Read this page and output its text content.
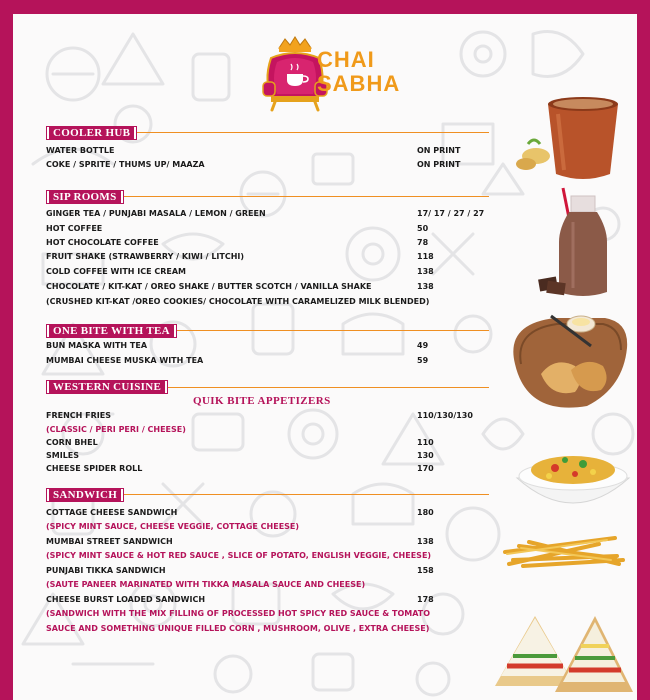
CHAI
SABHA
COOLER HUB
WATER BOTTLE	ON PRINT
COKE / SPRITE / THUMS UP/ MAAZA	ON PRINT
SIP ROOMS
GINGER TEA / PUNJABI MASALA / LEMON / GREEN	17/ 17 / 27 / 27
HOT COFFEE	50
HOT CHOCOLATE COFFEE	78
FRUIT SHAKE (STRAWBERRY / KIWI / LITCHI)	118
COLD COFFEE WITH ICE CREAM	138
CHOCOLATE / KIT-KAT / OREO SHAKE / BUTTER SCOTCH / VANILLA SHAKE	138
(CRUSHED KIT-KAT /OREO COOKIES/ CHOCOLATE WITH CARAMELIZED MILK BLENDED)
ONE BITE WITH TEA
BUN MASKA WITH TEA	49
MUMBAI CHEESE MUSKA WITH TEA	59
WESTERN CUISINE
QUIK BITE APPETIZERS
FRENCH FRIES	110/130/130
(CLASSIC / PERI PERI / CHEESE)
CORN BHEL	110
SMILES	130
CHEESE SPIDER ROLL	170
SANDWICH
COTTAGE CHEESE SANDWICH	180
(SPICY MINT SAUCE, CHEESE VEGGIE, COTTAGE CHEESE)
MUMBAI STREET SANDWICH	138
(SPICY MINT SAUCE & HOT RED SAUCE , SLICE OF POTATO, ENGLISH VEGGIE, CHEESE)
PUNJABI TIKKA SANDWICH	158
(SAUTE PANEER MARINATED WITH TIKKA MASALA SAUCE AND CHEESE)
CHEESE BURST LOADED SANDWICH	178
(SANDWICH WITH THE MIX FILLING OF PROCESSED HOT SPICY RED SAUCE & TOMATO
SAUCE AND SOMETHING UNIQUE FILLED CORN , MUSHROOM, OLIVE , EXTRA CHEESE)
